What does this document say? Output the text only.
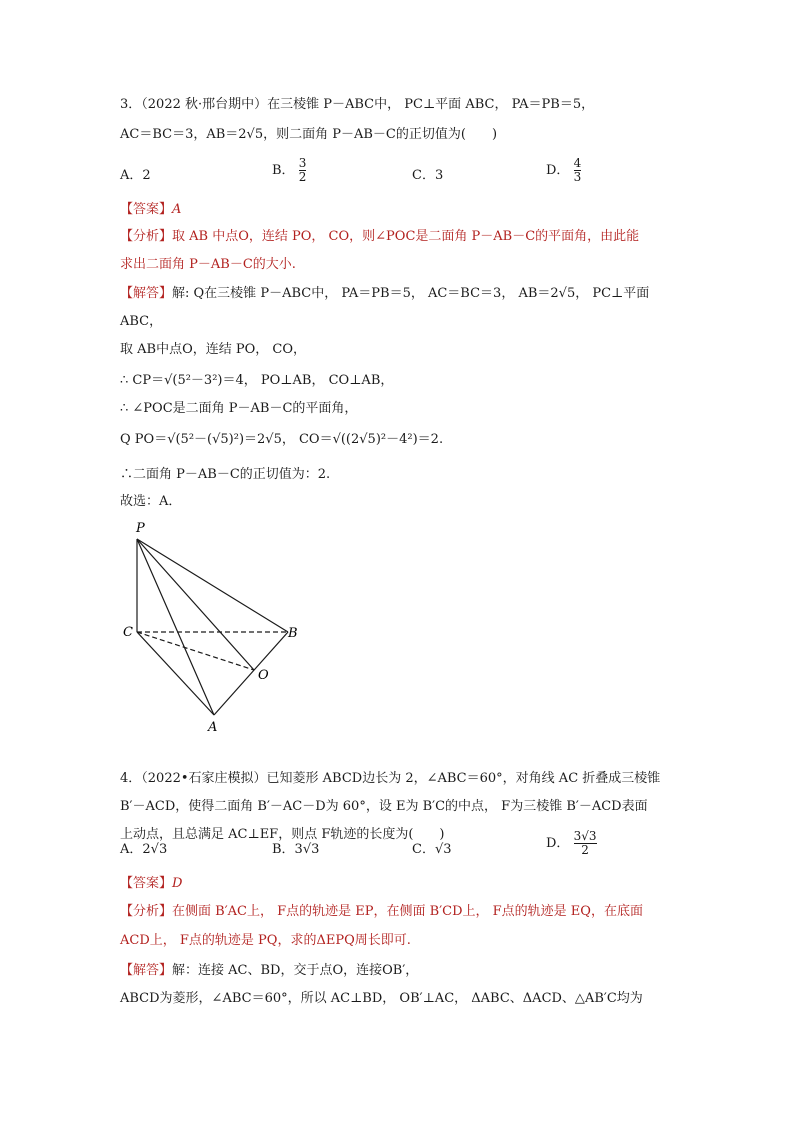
3．（2022 秋·邢台期中）在三棱锥 P－ABC中， PC⊥平面 ABC， PA＝PB＝5，
AC＝BC＝3，AB＝2√5，则二面角 P－AB－C的正切值为(　　)
A．2	B． $\frac{3}{2}$	C．3	D． $\frac{4}{3}$
【答案】A
【分析】取 AB 中点O，连结 PO， CO，则∠POC是二面角 P－AB－C的平面角，由此能
求出二面角 P－AB－C的大小.
【解答】解: Q在三棱锥 P－ABC中， PA＝PB＝5， AC＝BC＝3， AB＝2√5， PC⊥平面
ABC，
取 AB中点O，连结 PO， CO，
∴ CP＝√(5²－3²)＝4， PO⊥AB， CO⊥AB，
∴ ∠POC是二面角 P－AB－C的平面角，
Q PO＝√(5²－(√5)²)＝2√5， CO＝√((2√5)²－4²)＝2.
∴二面角 P－AB－C的正切值为：2.
故选：A．
P
C	B
O
A
4．（2022•石家庄模拟）已知菱形 ABCD边长为 2，∠ABC＝60°，对角线 AC 折叠成三棱锥
B′－ACD，使得二面角 B′－AC－D为 60°，设 E为 B′C的中点， F为三棱锥 B′－ACD表面
上动点，且总满足 AC⊥EF，则点 F轨迹的长度为(　　)
A．2√3	B．3√3	C．√3	D． $\frac{3√3}{2}$
【答案】D
【分析】在侧面 B′AC上， F点的轨迹是 EP，在侧面 B′CD上， F点的轨迹是 EQ，在底面
ACD上， F点的轨迹是 PQ，求的ΔEPQ周长即可.
【解答】解：连接 AC、BD，交于点O，连接OB′，
ABCD为菱形，∠ABC＝60°，所以 AC⊥BD， OB′⊥AC， ΔABC、ΔACD、△AB′C均为
